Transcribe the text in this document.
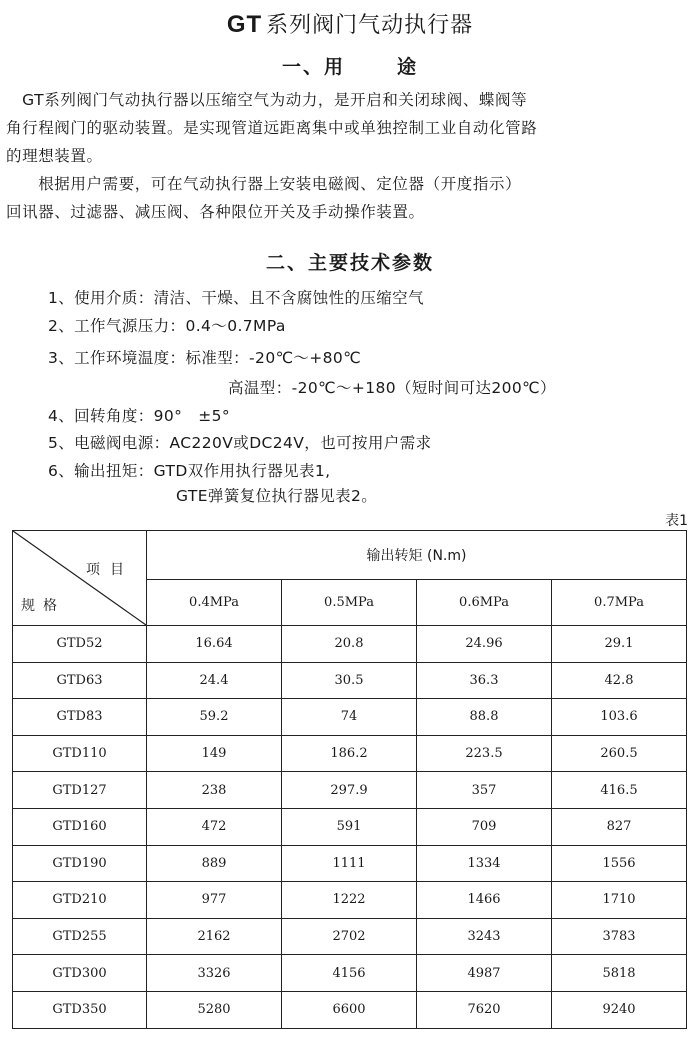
GT 系列阀门气动执行器
一、用	途
　GT系列阀门气动执行器以压缩空气为动力，是开启和关闭球阀、蝶阀等
角行程阀门的驱动装置。是实现管道远距离集中或单独控制工业自动化管路
的理想装置。
　　根据用户需要，可在气动执行器上安装电磁阀、定位器（开度指示）
回讯器、过滤器、减压阀、各种限位开关及手动操作装置。
二、主要技术参数
1、使用介质：清洁、干燥、且不含腐蚀性的压缩空气
2、工作气源压力：0.4～0.7MPa
3、工作环境温度：标准型：-20℃～+80℃
高温型：-20℃～+180（短时间可达200℃）
4、回转角度：90°　±5°
5、电磁阀电源：AC220V或DC24V，也可按用户需求
6、输出扭矩：GTD双作用执行器见表1,
GTE弹簧复位执行器见表2。
表1
项目
规格	输出转矩 (N.m)			
	0.4MPa	0.5MPa	0.6MPa	0.7MPa
GTD52	16.64	20.8	24.96	29.1
GTD63	24.4	30.5	36.3	42.8
GTD83	59.2	74	88.8	103.6
GTD110	149	186.2	223.5	260.5
GTD127	238	297.9	357	416.5
GTD160	472	591	709	827
GTD190	889	1111	1334	1556
GTD210	977	1222	1466	1710
GTD255	2162	2702	3243	3783
GTD300	3326	4156	4987	5818
GTD350	5280	6600	7620	9240
